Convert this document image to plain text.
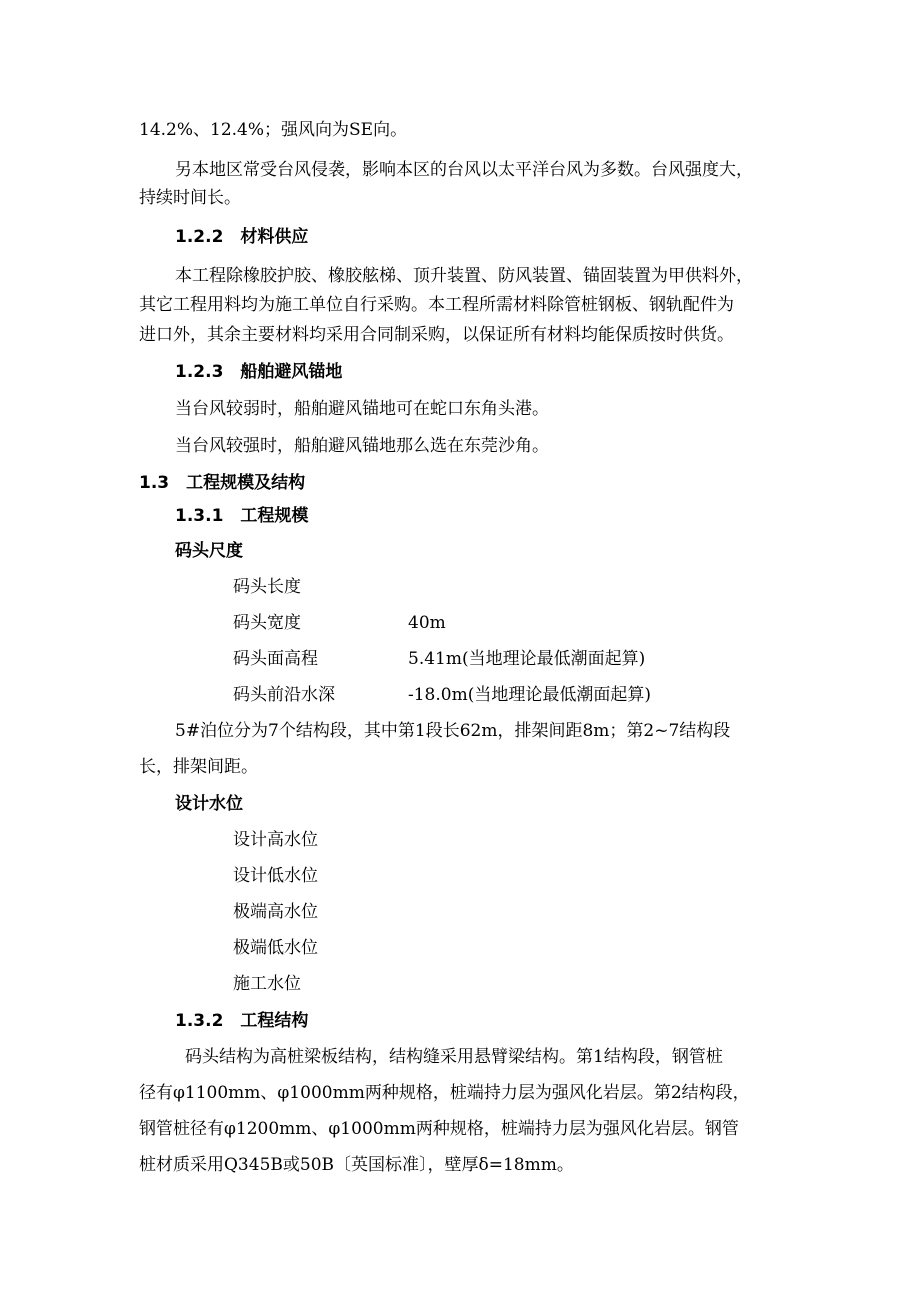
14.2%、12.4%；强风向为SE向。
另本地区常受台风侵袭，影响本区的台风以太平洋台风为多数。台风强度大，
持续时间长。
1.2.2　材料供应
本工程除橡胶护胶、橡胶舷梯、顶升装置、防风装置、锚固装置为甲供料外，
其它工程用料均为施工单位自行采购。本工程所需材料除管桩钢板、钢轨配件为
进口外，其余主要材料均采用合同制采购，以保证所有材料均能保质按时供货。
1.2.3　船舶避风锚地
当台风较弱时，船舶避风锚地可在蛇口东角头港。
当台风较强时，船舶避风锚地那么选在东莞沙角。
1.3　工程规模及结构
1.3.1　工程规模
码头尺度
码头长度
码头宽度	40m
码头面高程	5.41m(当地理论最低潮面起算)
码头前沿水深	-18.0m(当地理论最低潮面起算)
5#泊位分为7个结构段，其中第1段长62m，排架间距8m；第2~7结构段
长，排架间距。
设计水位
设计高水位
设计低水位
极端高水位
极端低水位
施工水位
1.3.2　工程结构
码头结构为高桩梁板结构，结构缝采用悬臂梁结构。第1结构段，钢管桩
径有φ1100mm、φ1000mm两种规格，桩端持力层为强风化岩层。第2结构段，
钢管桩径有φ1200mm、φ1000mm两种规格，桩端持力层为强风化岩层。钢管
桩材质采用Q345B或50B〔英国标准〕，壁厚δ=18mm。
